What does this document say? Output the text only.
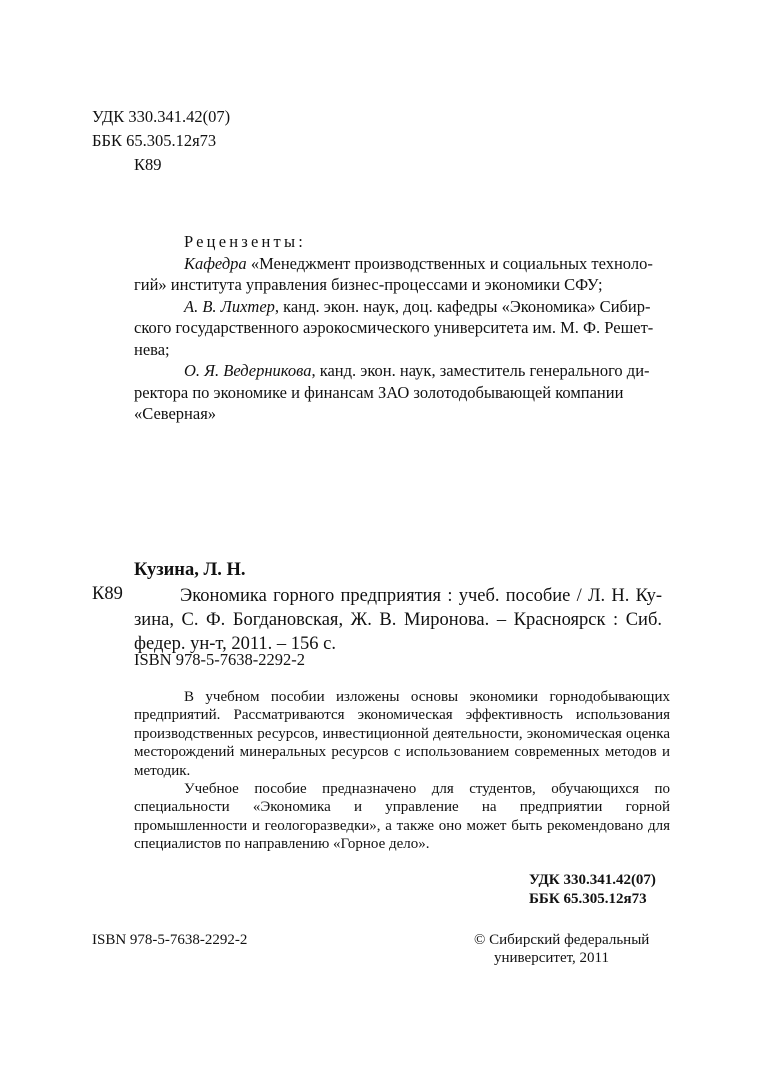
УДК 330.341.42(07)
ББК 65.305.12я73
К89

Рецензенты:

Кафедра «Менеджмент производственных и социальных техноло-
гий» института управления бизнес-процессами и экономики СФУ;

А. В. Лихтер, канд. экон. наук, доц. кафедры «Экономика» Сибир-
ского государственного аэрокосмического университета им. М. Ф. Решет-
нева;

О. Я. Ведерникова, канд. экон. наук, заместитель генерального ди-
ректора по экономике и финансам ЗАО золотодобывающей компании
«Северная»

Кузина, Л. Н.
К89	Экономика горного предприятия : учеб. пособие / Л. Н. Ку-

зина, С. Ф. Богдановская, Ж. В. Миронова. – Красноярск : Сиб.

федер. ун-т, 2011. – 156 с.

ISBN 978-5-7638-2292-2

В учебном пособии изложены основы экономики горнодобывающих предприятий. Рассматриваются экономическая эффективность использования производственных ресурсов, инвестиционной деятельности, экономическая оценка месторождений минеральных ресурсов с использованием современных методов и методик.

Учебное пособие предназначено для студентов, обучающихся по специальности «Экономика и управление на предприятии горной промышленности и геологоразведки», а также оно может быть рекомендовано для специалистов по направлению «Горное дело».

УДК 330.341.42(07)
ББК 65.305.12я73
ISBN 978-5-7638-2292-2	© Сибирский федеральный
университет, 2011
